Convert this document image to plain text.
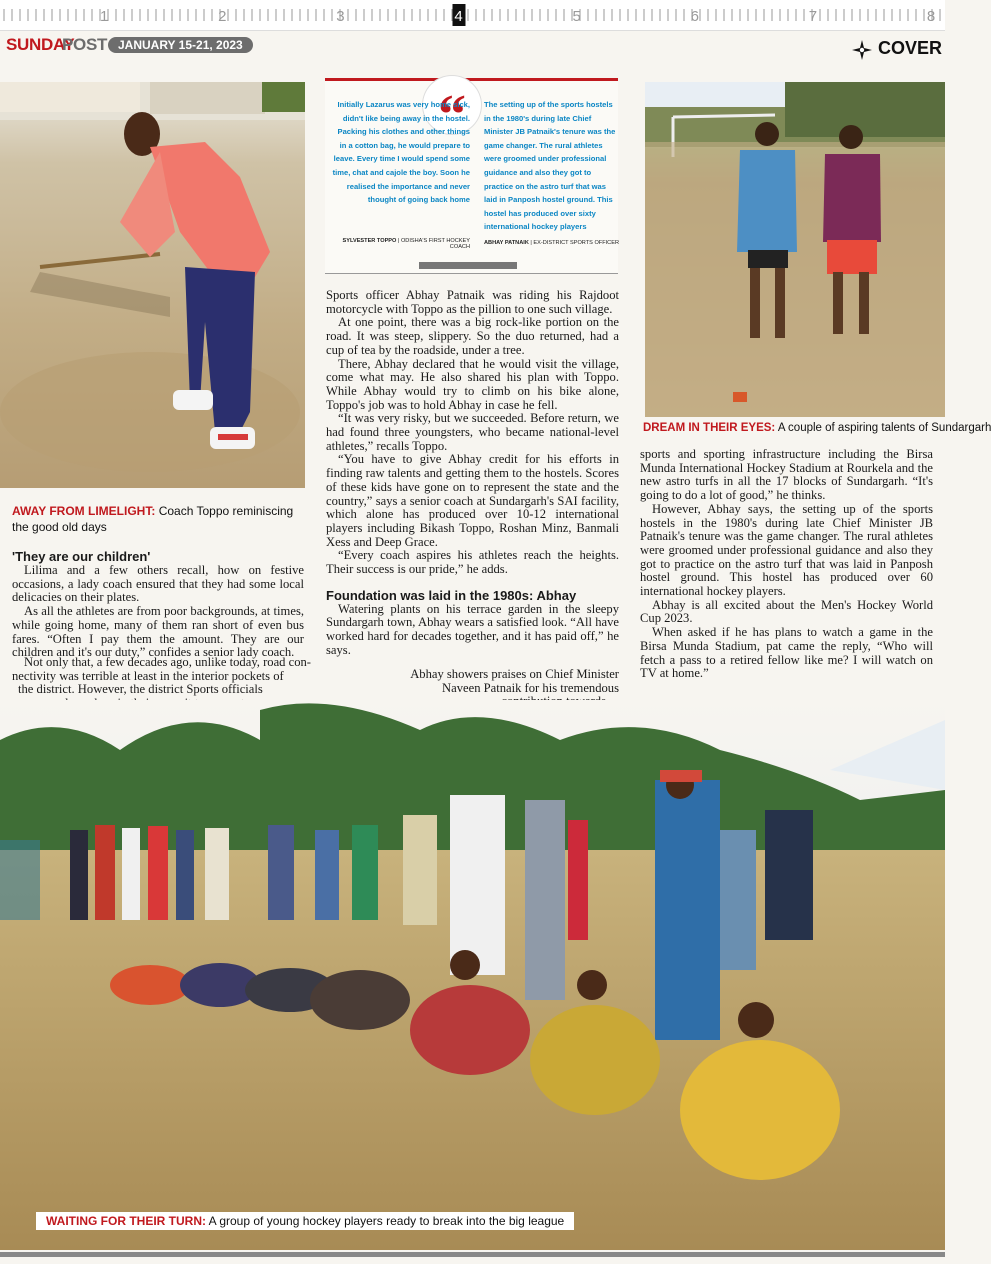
1	2	3	4	5	6	7	8
SUNDAY
POST JANUARY 15-21, 2023	COVER
“
Initially Lazarus was very home sick, didn't like being away in the hostel. Packing his clothes and other things in a cotton bag, he would prepare to leave. Every time I would spend some time, chat and cajole the boy. Soon he realised the importance and never thought of going back home
SYLVESTER TOPPO | ODISHA'S FIRST HOCKEY COACH
The setting up of the sports hostels in the 1980's during late Chief Minister JB Patnaik's tenure was the game changer. The rural athletes were groomed under professional guidance and also they got to practice on the astro turf that was laid in Panposh hostel ground. This hostel has produced over sixty international hockey players
ABHAY PATNAIK | EX-DISTRICT SPORTS OFFICER
AWAY FROM LIMELIGHT: Coach Toppo reminiscing the good old days
DREAM IN THEIR EYES: A couple of aspiring talents of Sundargarh
'They are our children'

Lilima and a few others recall, how on festive occasions, a lady coach ensured that they had some local delicacies on their plates.

As all the athletes are from poor backgrounds, at times, while going home, many of them ran short of even bus fares. “Often I pay them the amount. They are our children and it's our duty,” confides a senior lady coach.

Not only that, a few decades ago, unlike today, road con-
nectivity was terrible at least in the interior pockets of
the district. However, the district Sports officials

Sports officer Abhay Patnaik was riding his Rajdoot motorcycle with Toppo as the pillion to one such village.

At one point, there was a big rock-like portion on the road. It was steep, slippery. So the duo returned, had a cup of tea by the roadside, under a tree.

There, Abhay declared that he would visit the village, come what may. He also shared his plan with Toppo. While Abhay would try to climb on his bike alone, Toppo's job was to hold Abhay in case he fell.

“It was very risky, but we succeeded. Before return, we had found three youngsters, who became national-level athletes,” recalls Toppo.

“You have to give Abhay credit for his efforts in finding raw talents and getting them to the hostels. Scores of these kids have gone on to represent the state and the country,” says a senior coach at Sundargarh's SAI facility, which alone has produced over 10-12 international players including Bikash Toppo, Roshan Minz, Banmali Xess and Deep Grace.

“Every coach aspires his athletes reach the heights. Their success is our pride,” he adds.

Foundation was laid in the 1980s: Abhay

Watering plants on his terrace garden in the sleepy Sundargarh town, Abhay wears a satisfied look. “All have worked hard for decades together, and it has paid off,” he says.

Abhay showers praises on Chief Minister
Naveen Patnaik for his tremendous

sports and sporting infrastructure including the Birsa Munda International Hockey Stadium at Rourkela and the new astro turfs in all the 17 blocks of Sundargarh. “It's going to do a lot of good,” he thinks.

However, Abhay says, the setting up of the sports hostels in the 1980's during late Chief Minister JB Patnaik's tenure was the game changer. The rural athletes were groomed under professional guidance and also they got to practice on the astro turf that was laid in Panposh hostel ground. This hostel has produced over 60 international hockey players.

Abhay is all excited about the Men's Hockey World Cup 2023.

When asked if he has plans to watch a game in the Birsa Munda Stadium, pat came the reply, “Who will fetch a pass to a retired fellow like me? I will watch on TV at home.”

WAITING FOR THEIR TURN: A group of young hockey players ready to break into the big league
